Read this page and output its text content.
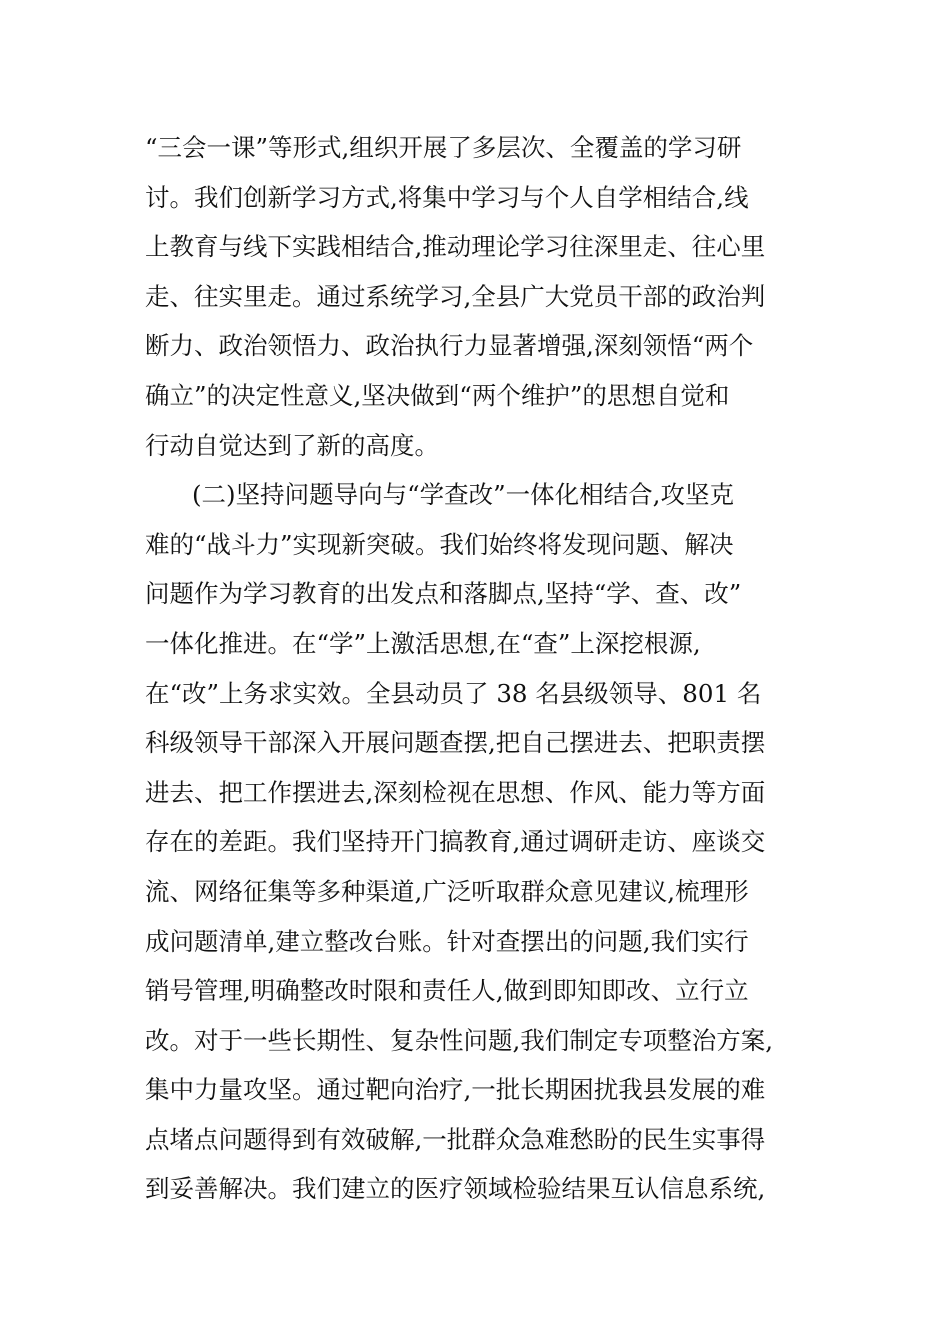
“三会一课”等形式,组织开展了多层次、全覆盖的学习研
讨。我们创新学习方式,将集中学习与个人自学相结合,线
上教育与线下实践相结合,推动理论学习往深里走、往心里
走、往实里走。通过系统学习,全县广大党员干部的政治判
断力、政治领悟力、政治执行力显著增强,深刻领悟“两个
确立”的决定性意义,坚决做到“两个维护”的思想自觉和
行动自觉达到了新的高度。
(二)坚持问题导向与“学查改”一体化相结合,攻坚克
难的“战斗力”实现新突破。我们始终将发现问题、解决
问题作为学习教育的出发点和落脚点,坚持“学、查、改”
一体化推进。在“学”上激活思想,在“查”上深挖根源,
在“改”上务求实效。全县动员了 38 名县级领导、801 名
科级领导干部深入开展问题查摆,把自己摆进去、把职责摆
进去、把工作摆进去,深刻检视在思想、作风、能力等方面
存在的差距。我们坚持开门搞教育,通过调研走访、座谈交
流、网络征集等多种渠道,广泛听取群众意见建议,梳理形
成问题清单,建立整改台账。针对查摆出的问题,我们实行
销号管理,明确整改时限和责任人,做到即知即改、立行立
改。对于一些长期性、复杂性问题,我们制定专项整治方案,
集中力量攻坚。通过靶向治疗,一批长期困扰我县发展的难
点堵点问题得到有效破解,一批群众急难愁盼的民生实事得
到妥善解决。我们建立的医疗领域检验结果互认信息系统,
